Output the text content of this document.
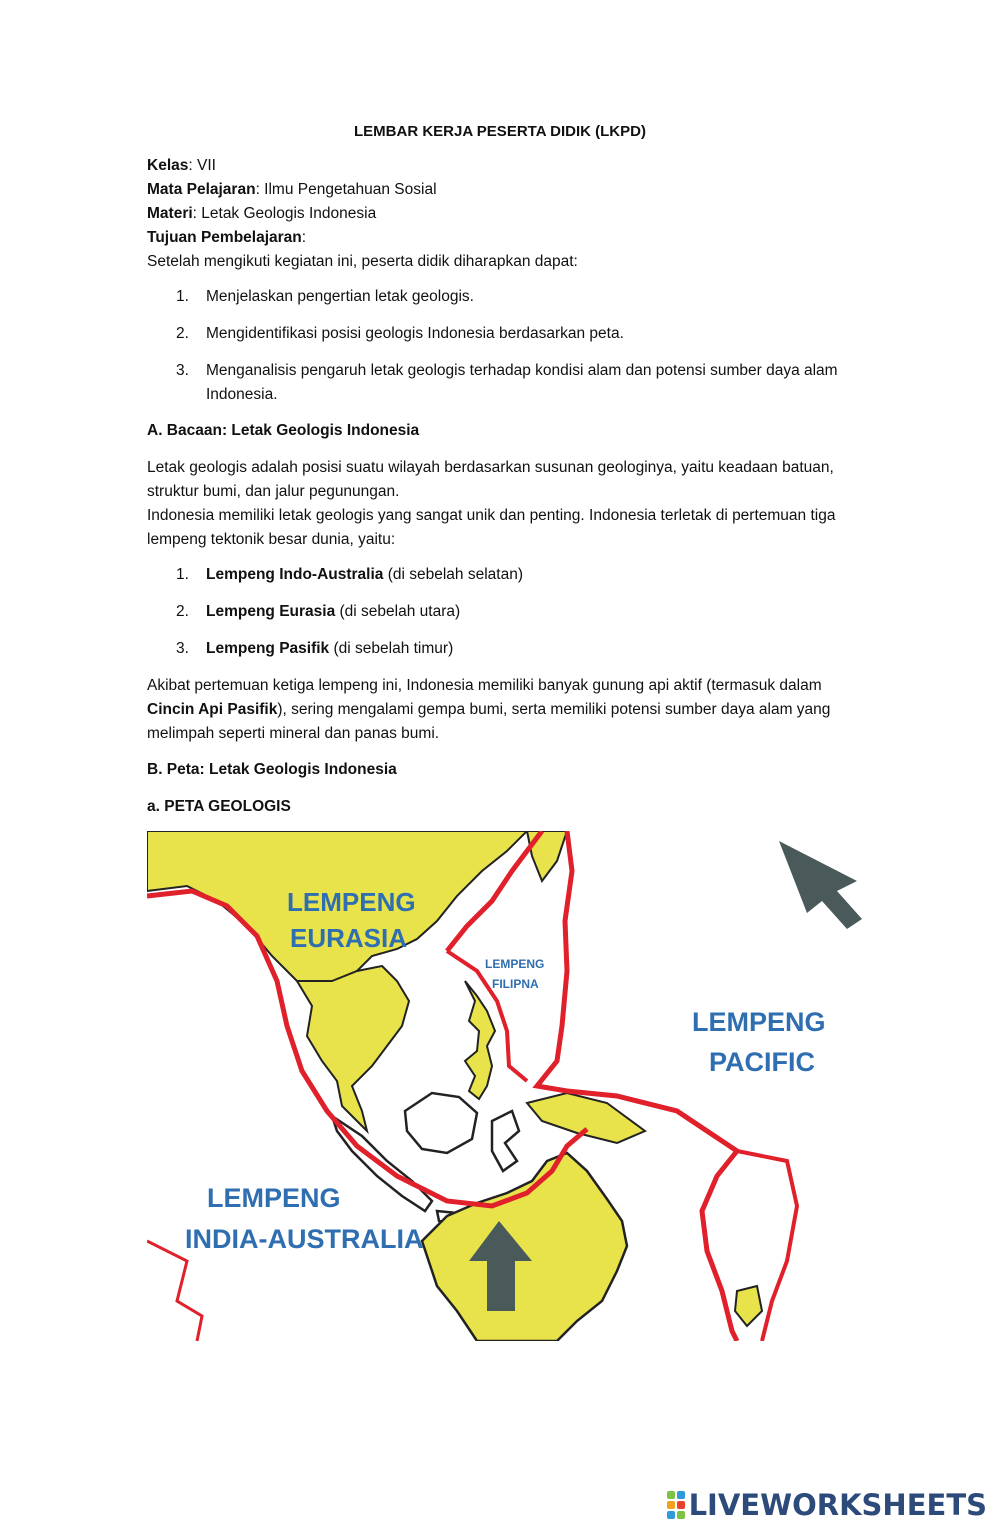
LEMBAR KERJA PESERTA DIDIK (LKPD)
Kelas: VII
Mata Pelajaran: Ilmu Pengetahuan Sosial
Materi: Letak Geologis Indonesia
Tujuan Pembelajaran:
Setelah mengikuti kegiatan ini, peserta didik diharapkan dapat:
1. Menjelaskan pengertian letak geologis.
2. Mengidentifikasi posisi geologis Indonesia berdasarkan peta.
3. Menganalisis pengaruh letak geologis terhadap kondisi alam dan potensi sumber daya alam
Indonesia.
A. Bacaan: Letak Geologis Indonesia
Letak geologis adalah posisi suatu wilayah berdasarkan susunan geologinya, yaitu keadaan batuan,
struktur bumi, dan jalur pegunungan.
Indonesia memiliki letak geologis yang sangat unik dan penting. Indonesia terletak di pertemuan tiga
lempeng tektonik besar dunia, yaitu:
1. Lempeng Indo-Australia (di sebelah selatan)
2. Lempeng Eurasia (di sebelah utara)
3. Lempeng Pasifik (di sebelah timur)
Akibat pertemuan ketiga lempeng ini, Indonesia memiliki banyak gunung api aktif (termasuk dalam
Cincin Api Pasifik), sering mengalami gempa bumi, serta memiliki potensi sumber daya alam yang
melimpah seperti mineral dan panas bumi.
B. Peta: Letak Geologis Indonesia
a. PETA GEOLOGIS
LEMPENG
EURASIA
LEMPENG
FILIPNA
LEMPENG
PACIFIC
LEMPENG
INDIA-AUSTRALIA
LIVEWORKSHEETS
